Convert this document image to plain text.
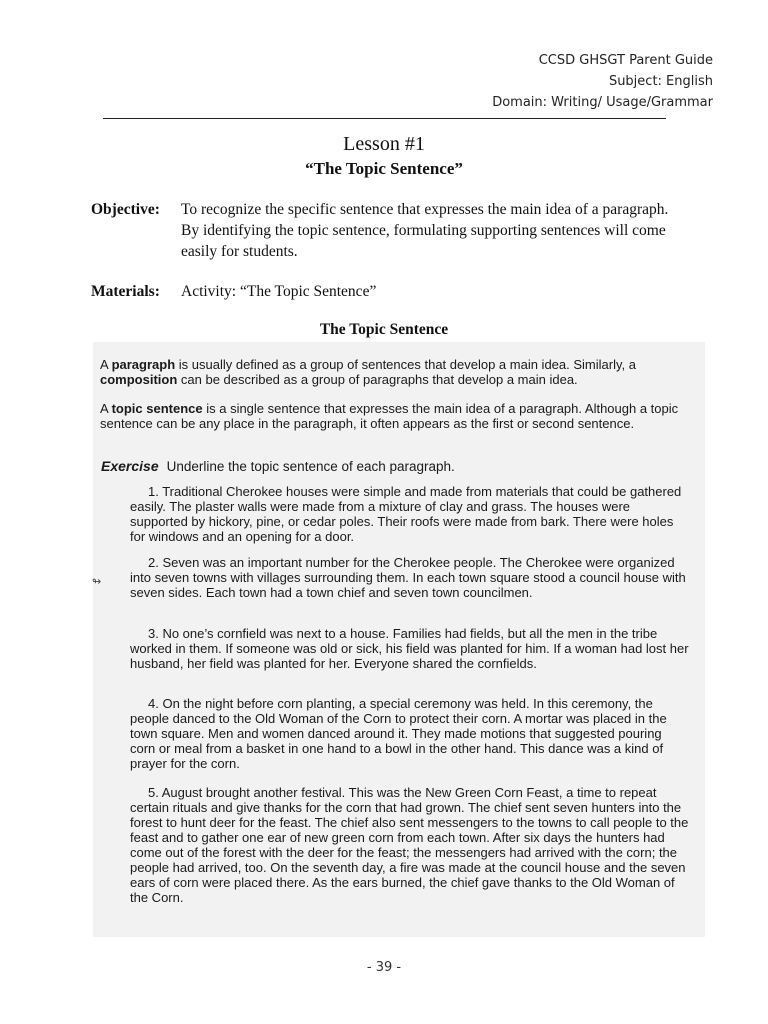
CCSD GHSGT Parent Guide
Subject: English
Domain: Writing/ Usage/Grammar
Lesson #1
“The Topic Sentence”
Objective:	To recognize the specific sentence that expresses the main idea of a paragraph. By identifying the topic sentence, formulating supporting sentences will come easily for students.
Materials:	Activity: “The Topic Sentence”
The Topic Sentence

A paragraph is usually defined as a group of sentences that develop a main idea. Similarly, a composition can be described as a group of paragraphs that develop a main idea.

A topic sentence is a single sentence that expresses the main idea of a paragraph. Although a topic sentence can be any place in the paragraph, it often appears as the first or second sentence.

Exercise Underline the topic sentence of each paragraph.

1. Traditional Cherokee houses were simple and made from materials that could be gathered easily. The plaster walls were made from a mixture of clay and grass. The houses were supported by hickory, pine, or cedar poles. Their roofs were made from bark. There were holes for windows and an opening for a door.

2. Seven was an important number for the Cherokee people. The Cherokee were organized into seven towns with villages surrounding them. In each town square stood a council house with seven sides. Each town had a town chief and seven town councilmen.

3. No one’s cornfield was next to a house. Families had fields, but all the men in the tribe worked in them. If someone was old or sick, his field was planted for him. If a woman had lost her husband, her field was planted for her. Everyone shared the cornfields.

4. On the night before corn planting, a special ceremony was held. In this ceremony, the people danced to the Old Woman of the Corn to protect their corn. A mortar was placed in the town square. Men and women danced around it. They made motions that suggested pouring corn or meal from a basket in one hand to a bowl in the other hand. This dance was a kind of prayer for the corn.

5. August brought another festival. This was the New Green Corn Feast, a time to repeat certain rituals and give thanks for the corn that had grown. The chief sent seven hunters into the forest to hunt deer for the feast. The chief also sent messengers to the towns to call people to the feast and to gather one ear of new green corn from each town. After six days the hunters had come out of the forest with the deer for the feast; the messengers had arrived with the corn; the people had arrived, too. On the seventh day, a fire was made at the council house and the seven ears of corn were placed there. As the ears burned, the chief gave thanks to the Old Woman of the Corn.

↬
- 39 -
